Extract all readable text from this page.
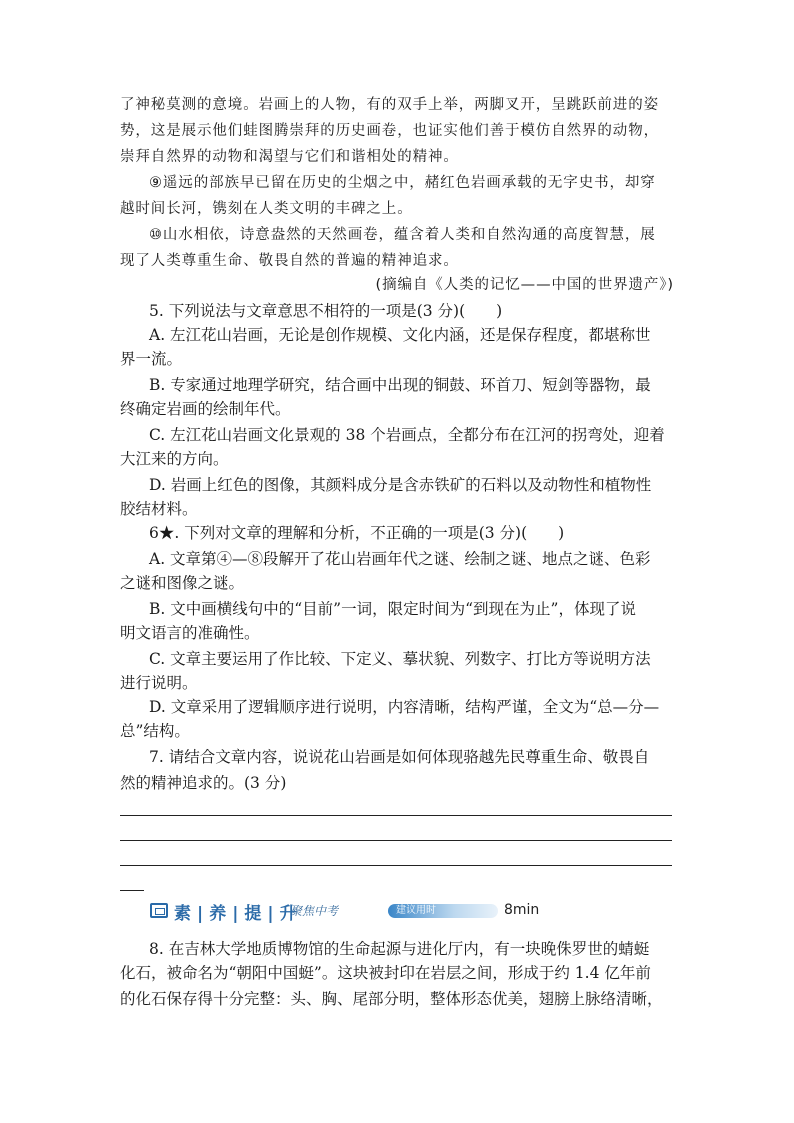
了神秘莫测的意境。岩画上的人物，有的双手上举，两脚叉开，呈跳跃前进的姿
势，这是展示他们蛙图腾崇拜的历史画卷，也证实他们善于模仿自然界的动物，
崇拜自然界的动物和渴望与它们和谐相处的精神。
⑨遥远的部族早已留在历史的尘烟之中，赭红色岩画承载的无字史书，却穿
越时间长河，镌刻在人类文明的丰碑之上。
⑩山水相依，诗意盎然的天然画卷，蕴含着人类和自然沟通的高度智慧，展
现了人类尊重生命、敬畏自然的普遍的精神追求。
(摘编自《人类的记忆——中国的世界遗产》)
5. 下列说法与文章意思不相符的一项是(3 分)(　　)
A. 左江花山岩画，无论是创作规模、文化内涵，还是保存程度，都堪称世
界一流。
B. 专家通过地理学研究，结合画中出现的铜鼓、环首刀、短剑等器物，最
终确定岩画的绘制年代。
C. 左江花山岩画文化景观的 38 个岩画点，全都分布在江河的拐弯处，迎着
大江来的方向。
D. 岩画上红色的图像，其颜料成分是含赤铁矿的石料以及动物性和植物性
胶结材料。
6★. 下列对文章的理解和分析，不正确的一项是(3 分)(　　)
A. 文章第④—⑧段解开了花山岩画年代之谜、绘制之谜、地点之谜、色彩
之谜和图像之谜。
B. 文中画横线句中的“目前”一词，限定时间为“到现在为止”，体现了说
明文语言的准确性。
C. 文章主要运用了作比较、下定义、摹状貌、列数字、打比方等说明方法
进行说明。
D. 文章采用了逻辑顺序进行说明，内容清晰，结构严谨，全文为“总—分—
总”结构。
7. 请结合文章内容，说说花山岩画是如何体现骆越先民尊重生命、敬畏自
然的精神追求的。(3 分)
8. 在吉林大学地质博物馆的生命起源与进化厅内，有一块晚侏罗世的蜻蜓
化石，被命名为“朝阳中国蜓”。这块被封印在岩层之间，形成于约 1.4 亿年前
的化石保存得十分完整：头、胸、尾部分明，整体形态优美，翅膀上脉络清晰，
素|养|提|升
聚焦中考	建议用时	8min
